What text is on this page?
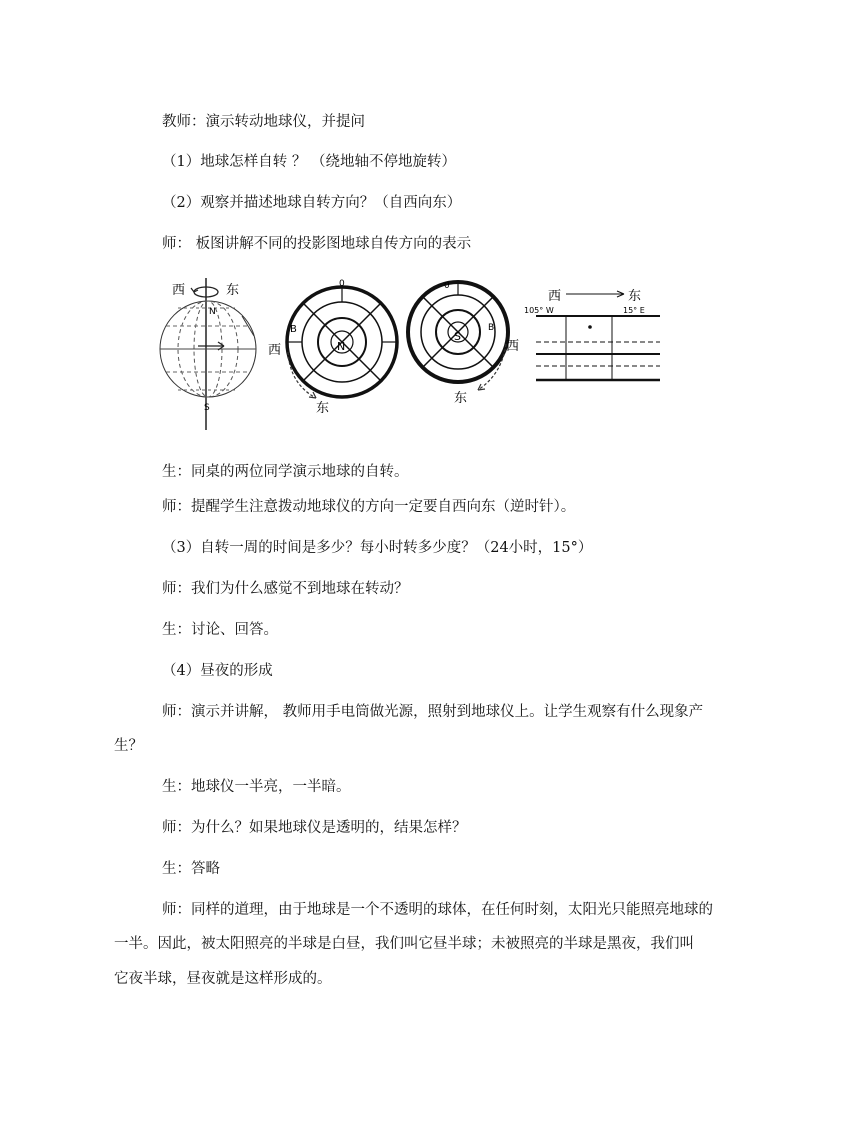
教师：演示转动地球仪，并提问
（1）地球怎样自转 ？ （绕地轴不停地旋转）
（2）观察并描述地球自转方向？（自西向东）
师： 板图讲解不同的投影图地球自传方向的表示
西	东
N
S
0
B
N
西
东
0
B
S
西
东
西	东
105° W	15° E
生：同桌的两位同学演示地球的自转。
师：提醒学生注意拨动地球仪的方向一定要自西向东（逆时针）。
（3）自转一周的时间是多少？每小时转多少度？（24小时，15°）
师：我们为什么感觉不到地球在转动？
生：讨论、回答。
（4）昼夜的形成
师：演示并讲解， 教师用手电筒做光源，照射到地球仪上。让学生观察有什么现象产
生？
生：地球仪一半亮，一半暗。
师：为什么？如果地球仪是透明的，结果怎样？
生：答略
师：同样的道理，由于地球是一个不透明的球体，在任何时刻，太阳光只能照亮地球的
一半。因此，被太阳照亮的半球是白昼，我们叫它昼半球；未被照亮的半球是黑夜，我们叫
它夜半球，昼夜就是这样形成的。
